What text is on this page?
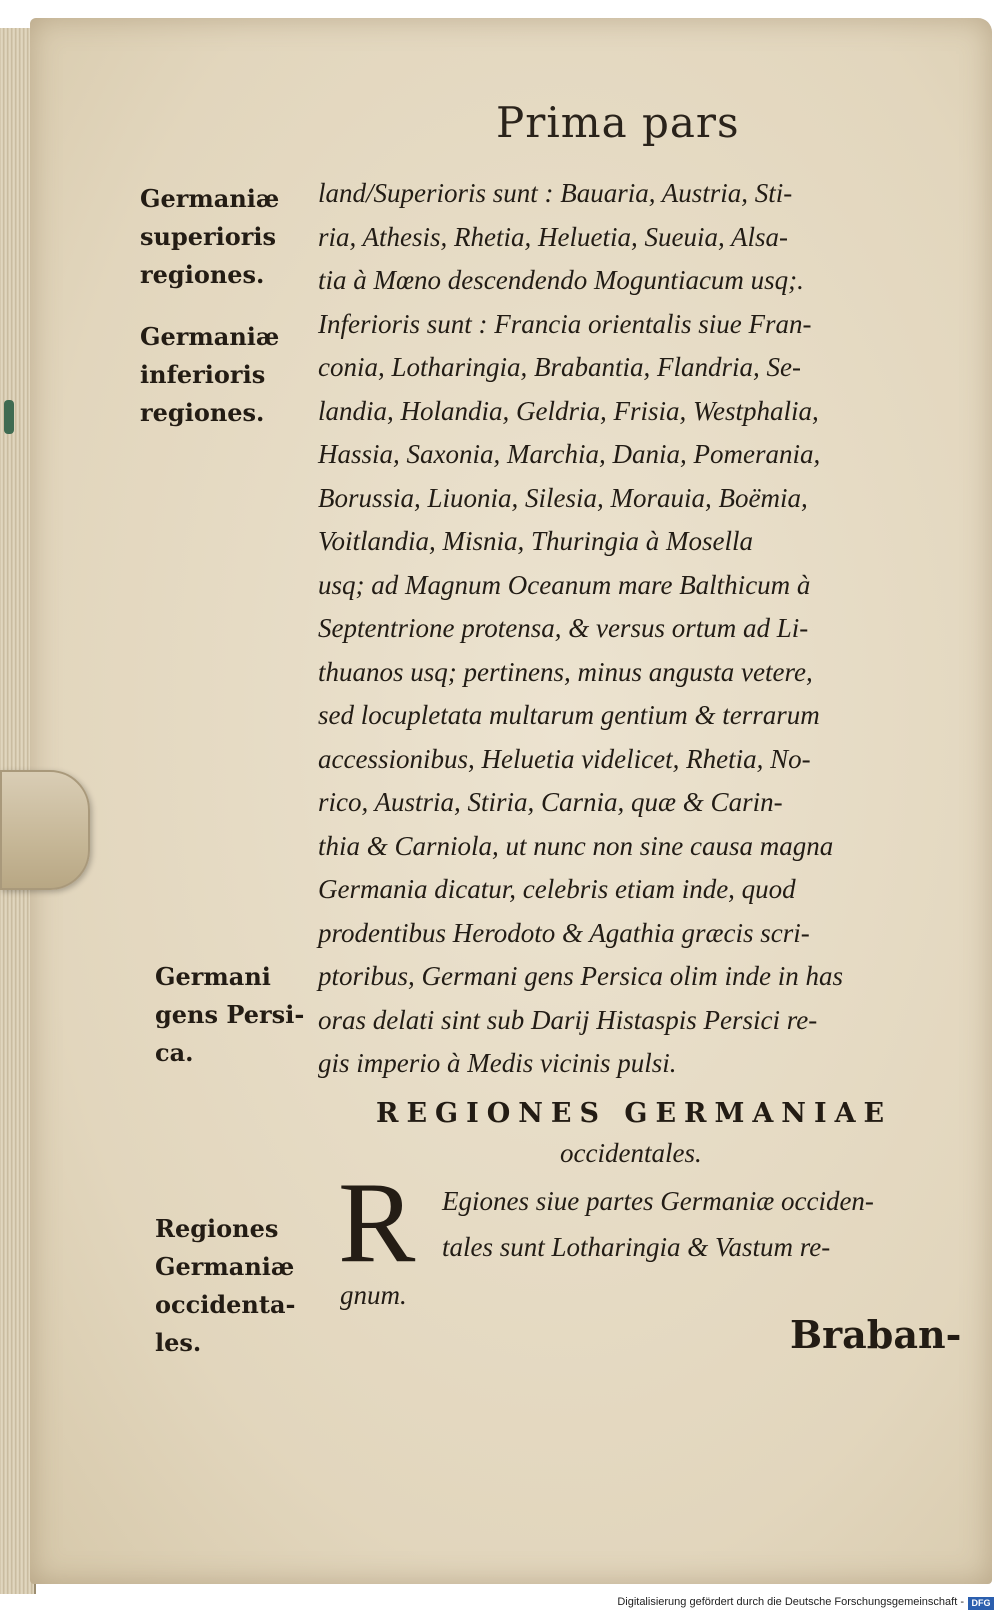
Prima pars
Germaniæ
superioris
regiones.
Germaniæ
inferioris
regiones.
Germani
gens Persi-
ca.
Regiones
Germaniæ
occidenta-
les.
land/Superioris sunt : Bauaria, Austria, Sti-
ria, Athesis, Rhetia, Heluetia, Sueuia, Alsa-
tia à Mœno descendendo Moguntiacum usq;.
Inferioris sunt : Francia orientalis siue Fran-
conia, Lotharingia, Brabantia, Flandria, Se-
landia, Holandia, Geldria, Frisia, Westphalia,
Hassia, Saxonia, Marchia, Dania, Pomerania,
Borussia, Liuonia, Silesia, Morauia, Boëmia,
Voitlandia, Misnia, Thuringia à Mosella
usq; ad Magnum Oceanum mare Balthicum à
Septentrione protensa, & versus ortum ad Li-
thuanos usq; pertinens, minus angusta vetere,
sed locupletata multarum gentium & terrarum
accessionibus, Heluetia videlicet, Rhetia, No-
rico, Austria, Stiria, Carnia, quæ & Carin-
thia & Carniola, ut nunc non sine causa magna
Germania dicatur, celebris etiam inde, quod
prodentibus Herodoto & Agathia græcis scri-
ptoribus, Germani gens Persica olim inde in has
oras delati sint sub Darij Histaspis Persici re-
gis imperio à Medis vicinis pulsi.
REGIONES GERMANIAE
occidentales.
R Egiones siue partes Germaniæ occiden-
tales sunt Lotharingia & Vastum re-
gnum.
Braban-
Digitalisierung gefördert durch die Deutsche Forschungsgemeinschaft - DFG
